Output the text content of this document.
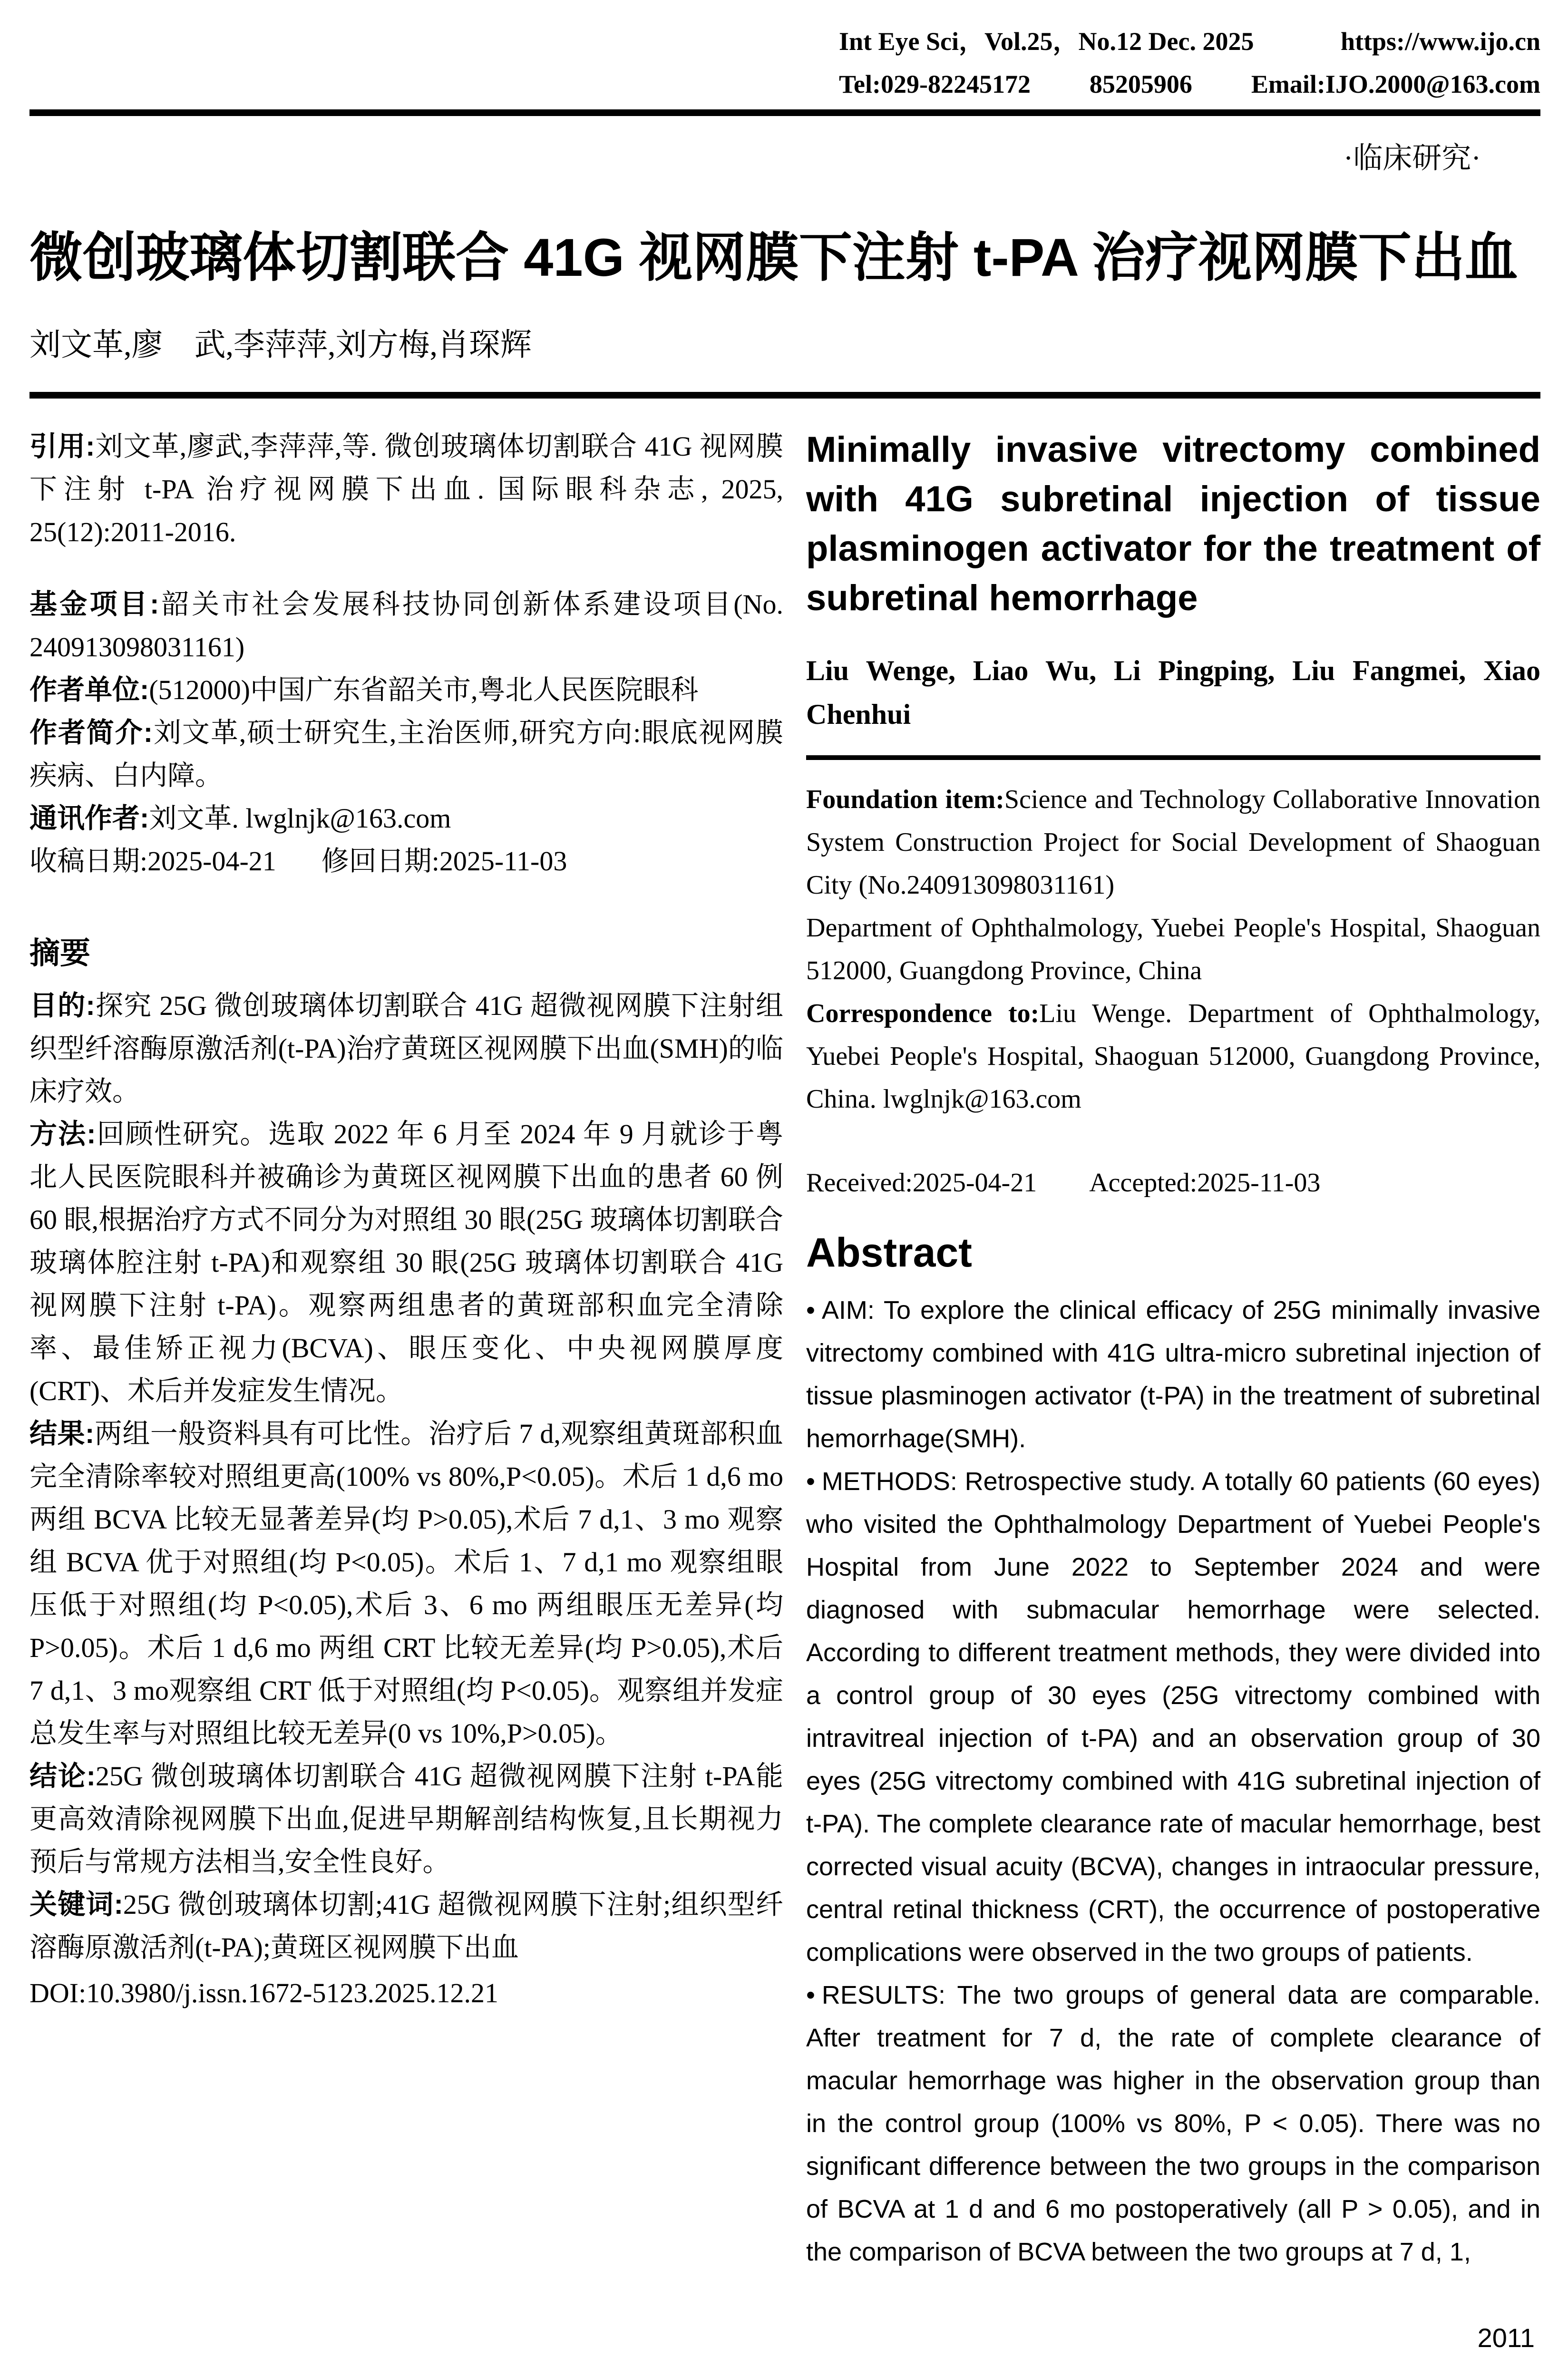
Int Eye Sci，Vol.25，No.12 Dec. 2025	https://www.ijo.cn
Tel:029-82245172 85205906 Email:IJO.2000@163.com
·临床研究·
微创玻璃体切割联合 41G 视网膜下注射 t-PA 治疗视网膜下出血
刘文革,廖　武,李萍萍,刘方梅,肖琛辉

引用:刘文革,廖武,李萍萍,等. 微创玻璃体切割联合 41G 视网膜下注射 t-PA 治疗视网膜下出血. 国际眼科杂志, 2025, 25(12):2011-2016.

基金项目:韶关市社会发展科技协同创新体系建设项目(No. 240913098031161)

作者单位:(512000)中国广东省韶关市,粤北人民医院眼科

作者简介:刘文革,硕士研究生,主治医师,研究方向:眼底视网膜疾病、白内障。

通讯作者:刘文革. lwglnjk@163.com

收稿日期:2025-04-21 修回日期:2025-11-03

摘要

目的:探究 25G 微创玻璃体切割联合 41G 超微视网膜下注射组织型纤溶酶原激活剂(t-PA)治疗黄斑区视网膜下出血(SMH)的临床疗效。

方法:回顾性研究。选取 2022 年 6 月至 2024 年 9 月就诊于粤北人民医院眼科并被确诊为黄斑区视网膜下出血的患者 60 例 60 眼,根据治疗方式不同分为对照组 30 眼(25G 玻璃体切割联合玻璃体腔注射 t-PA)和观察组 30 眼(25G 玻璃体切割联合 41G 视网膜下注射 t-PA)。观察两组患者的黄斑部积血完全清除率、最佳矫正视力(BCVA)、眼压变化、中央视网膜厚度(CRT)、术后并发症发生情况。

结果:两组一般资料具有可比性。治疗后 7 d,观察组黄斑部积血完全清除率较对照组更高(100% vs 80%,P<0.05)。术后 1 d,6 mo 两组 BCVA 比较无显著差异(均 P>0.05),术后 7 d,1、3 mo 观察组 BCVA 优于对照组(均 P<0.05)。术后 1、7 d,1 mo 观察组眼压低于对照组(均 P<0.05),术后 3、6 mo 两组眼压无差异(均 P>0.05)。术后 1 d,6 mo 两组 CRT 比较无差异(均 P>0.05),术后 7 d,1、3 mo观察组 CRT 低于对照组(均 P<0.05)。观察组并发症总发生率与对照组比较无差异(0 vs 10%,P>0.05)。

结论:25G 微创玻璃体切割联合 41G 超微视网膜下注射 t-PA能更高效清除视网膜下出血,促进早期解剖结构恢复,且长期视力预后与常规方法相当,安全性良好。

关键词:25G 微创玻璃体切割;41G 超微视网膜下注射;组织型纤溶酶原激活剂(t-PA);黄斑区视网膜下出血

DOI:10.3980/j.issn.1672-5123.2025.12.21

Minimally invasive vitrectomy combined with 41G subretinal injection of tissue plasminogen activator for the treatment of subretinal hemorrhage
Liu Wenge, Liao Wu, Li Pingping, Liu Fangmei, Xiao Chenhui

Foundation item:Science and Technology Collaborative Innovation System Construction Project for Social Development of Shaoguan City (No.240913098031161)

Department of Ophthalmology, Yuebei People's Hospital, Shaoguan 512000, Guangdong Province, China

Correspondence to:Liu Wenge. Department of Ophthalmology, Yuebei People's Hospital, Shaoguan 512000, Guangdong Province, China. lwglnjk@163.com

Received:2025-04-21 Accepted:2025-11-03

Abstract

• AIM: To explore the clinical efficacy of 25G minimally invasive vitrectomy combined with 41G ultra-micro subretinal injection of tissue plasminogen activator (t-PA) in the treatment of subretinal hemorrhage(SMH).

• METHODS: Retrospective study. A totally 60 patients (60 eyes) who visited the Ophthalmology Department of Yuebei People's Hospital from June 2022 to September 2024 and were diagnosed with submacular hemorrhage were selected. According to different treatment methods, they were divided into a control group of 30 eyes (25G vitrectomy combined with intravitreal injection of t-PA) and an observation group of 30 eyes (25G vitrectomy combined with 41G subretinal injection of t-PA). The complete clearance rate of macular hemorrhage, best corrected visual acuity (BCVA), changes in intraocular pressure, central retinal thickness (CRT), the occurrence of postoperative complications were observed in the two groups of patients.

• RESULTS: The two groups of general data are comparable. After treatment for 7 d, the rate of complete clearance of macular hemorrhage was higher in the observation group than in the control group (100% vs 80%, P < 0.05). There was no significant difference between the two groups in the comparison of BCVA at 1 d and 6 mo postoperatively (all P > 0.05), and in the comparison of BCVA between the two groups at 7 d, 1,

2011
